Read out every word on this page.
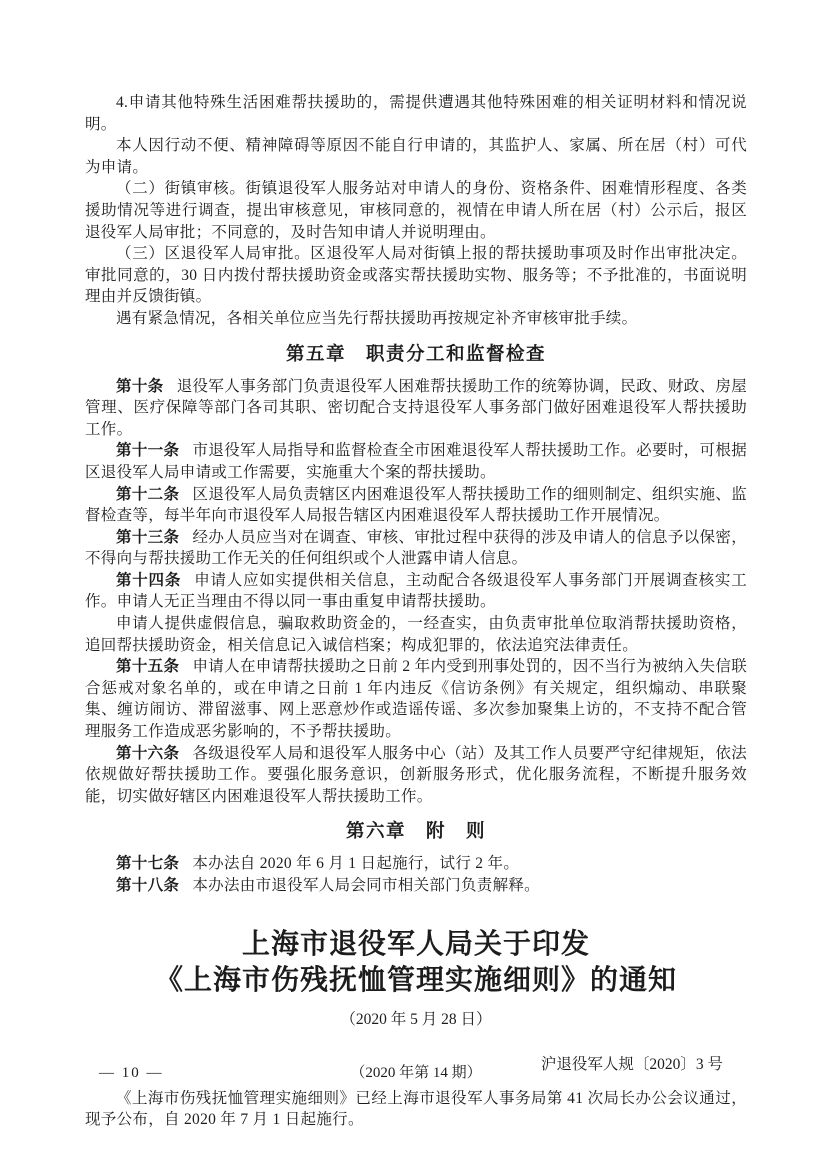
4.申请其他特殊生活困难帮扶援助的，需提供遭遇其他特殊困难的相关证明材料和情况说明。

本人因行动不便、精神障碍等原因不能自行申请的，其监护人、家属、所在居（村）可代为申请。

（二）街镇审核。街镇退役军人服务站对申请人的身份、资格条件、困难情形程度、各类援助情况等进行调查，提出审核意见，审核同意的，视情在申请人所在居（村）公示后，报区退役军人局审批；不同意的，及时告知申请人并说明理由。

（三）区退役军人局审批。区退役军人局对街镇上报的帮扶援助事项及时作出审批决定。审批同意的，30 日内拨付帮扶援助资金或落实帮扶援助实物、服务等；不予批准的，书面说明理由并反馈街镇。

遇有紧急情况，各相关单位应当先行帮扶援助再按规定补齐审核审批手续。

第五章　职责分工和监督检查

第十条 退役军人事务部门负责退役军人困难帮扶援助工作的统筹协调，民政、财政、房屋管理、医疗保障等部门各司其职、密切配合支持退役军人事务部门做好困难退役军人帮扶援助工作。

第十一条 市退役军人局指导和监督检查全市困难退役军人帮扶援助工作。必要时，可根据区退役军人局申请或工作需要，实施重大个案的帮扶援助。

第十二条 区退役军人局负责辖区内困难退役军人帮扶援助工作的细则制定、组织实施、监督检查等，每半年向市退役军人局报告辖区内困难退役军人帮扶援助工作开展情况。

第十三条 经办人员应当对在调查、审核、审批过程中获得的涉及申请人的信息予以保密，不得向与帮扶援助工作无关的任何组织或个人泄露申请人信息。

第十四条 申请人应如实提供相关信息，主动配合各级退役军人事务部门开展调查核实工作。申请人无正当理由不得以同一事由重复申请帮扶援助。

申请人提供虚假信息，骗取救助资金的，一经查实，由负责审批单位取消帮扶援助资格，追回帮扶援助资金，相关信息记入诚信档案；构成犯罪的，依法追究法律责任。

第十五条 申请人在申请帮扶援助之日前 2 年内受到刑事处罚的，因不当行为被纳入失信联合惩戒对象名单的，或在申请之日前 1 年内违反《信访条例》有关规定，组织煽动、串联聚集、缠访闹访、滞留滋事、网上恶意炒作或造谣传谣、多次参加聚集上访的，不支持不配合管理服务工作造成恶劣影响的，不予帮扶援助。

第十六条 各级退役军人局和退役军人服务中心（站）及其工作人员要严守纪律规矩，依法依规做好帮扶援助工作。要强化服务意识，创新服务形式，优化服务流程，不断提升服务效能，切实做好辖区内困难退役军人帮扶援助工作。

第六章　附　则

第十七条 本办法自 2020 年 6 月 1 日起施行，试行 2 年。

第十八条 本办法由市退役军人局会同市相关部门负责解释。

上海市退役军人局关于印发
《上海市伤残抚恤管理实施细则》的通知

（2020 年 5 月 28 日）

沪退役军人规〔2020〕3 号

《上海市伤残抚恤管理实施细则》已经上海市退役军人事务局第 41 次局长办公会议通过，现予公布，自 2020 年 7 月 1 日起施行。

— 10 —	（2020 年第 14 期）
